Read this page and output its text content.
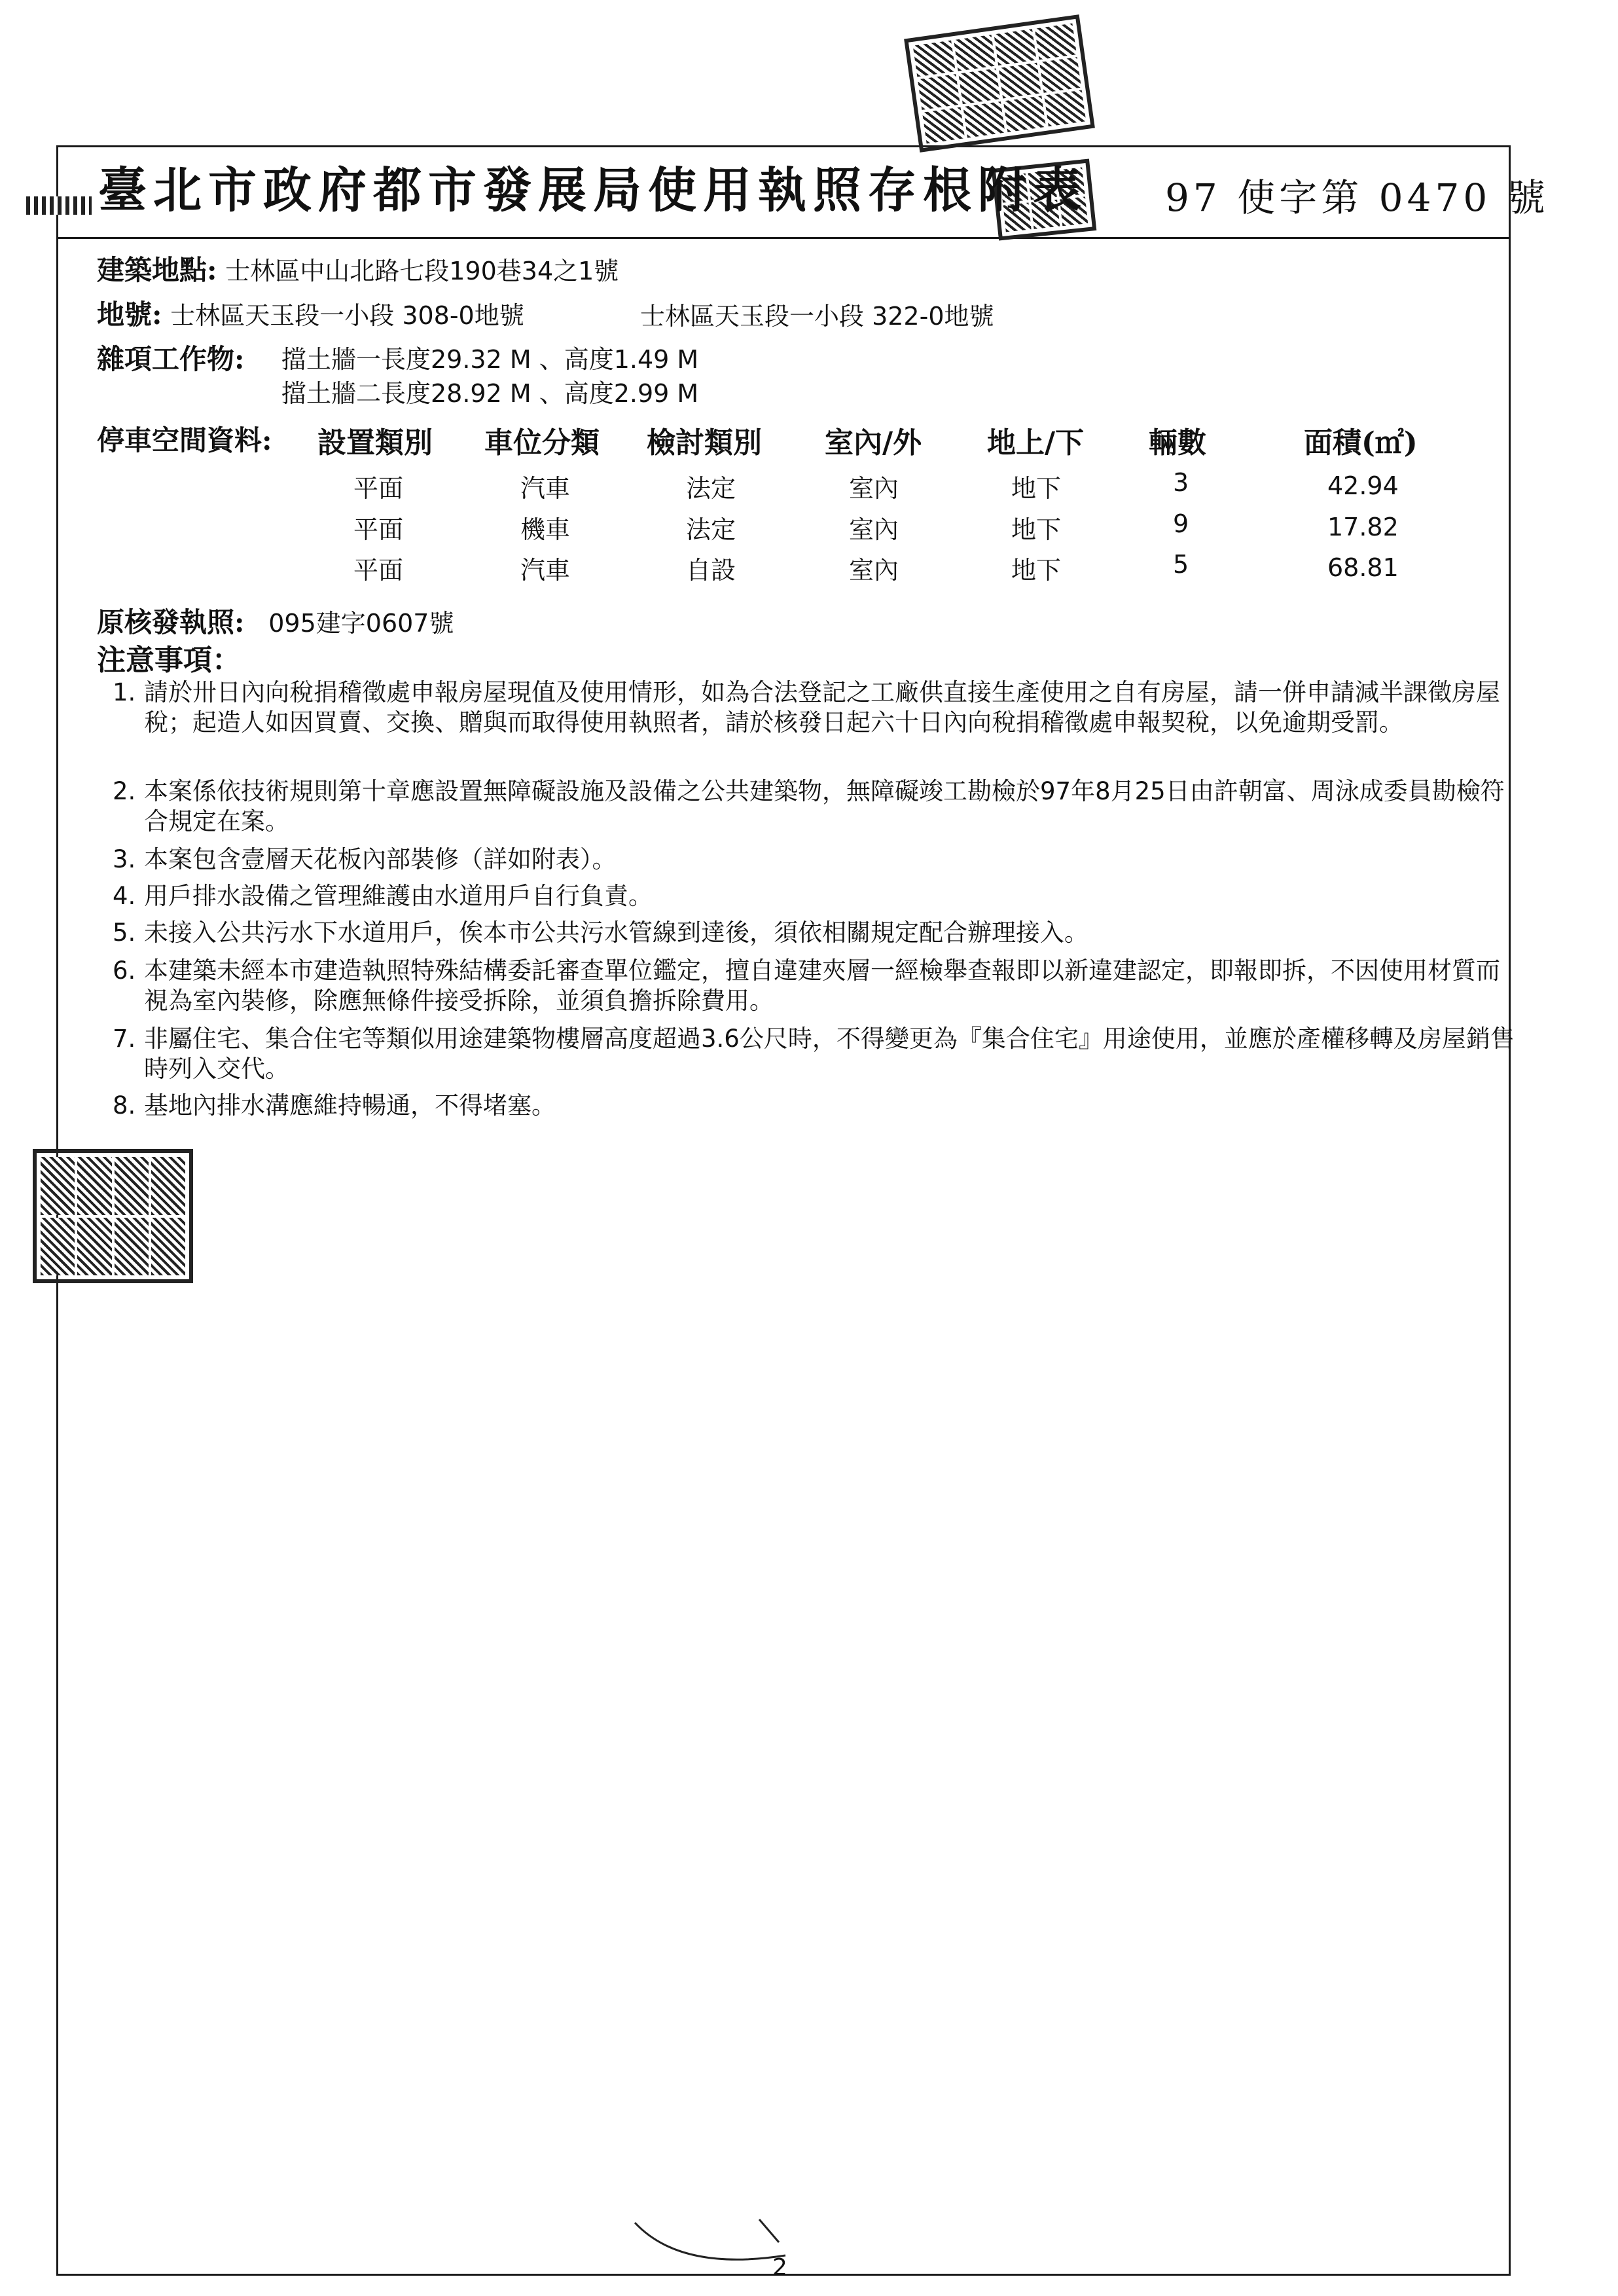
臺北市政府都市發展局使用執照存根附表 97 使字第 0470 號
建築地點: 士林區中山北路七段190巷34之1號
地號: 士林區天玉段一小段 308-0地號	士林區天玉段一小段 322-0地號
雜項工作物: 擋土牆一長度29.32 M 、高度1.49 M
擋土牆二長度28.92 M 、高度2.99 M
停車空間資料: 設置類別 車位分類 檢討類別 室內/外 地上/下 輛數	面積(㎡)
平面	汽車	法定	室內	地下	3	42.94
平面	機車	法定	室內	地下	9	17.82
平面	汽車	自設	室內	地下	5	68.81
原核發執照: 095建字0607號
注意事項：
1. 請於卅日內向稅捐稽徵處申報房屋現值及使用情形，如為合法登記之工廠供直接生產使用之自有房屋，請一併申請減半課徵房屋稅；起造人如因買賣、交換、贈與而取得使用執照者，請於核發日起六十日內向稅捐稽徵處申報契稅，以免逾期受罰。
2. 本案係依技術規則第十章應設置無障礙設施及設備之公共建築物，無障礙竣工勘檢於97年8月25日由許朝富、周泳成委員勘檢符合規定在案。
3. 本案包含壹層天花板內部裝修（詳如附表）。
4. 用戶排水設備之管理維護由水道用戶自行負責。
5. 未接入公共污水下水道用戶，俟本市公共污水管線到達後，須依相關規定配合辦理接入。
6. 本建築未經本市建造執照特殊結構委託審查單位鑑定，擅自違建夾層一經檢舉查報即以新違建認定，即報即拆，不因使用材質而視為室內裝修，除應無條件接受拆除，並須負擔拆除費用。
7. 非屬住宅、集合住宅等類似用途建築物樓層高度超過3.6公尺時，不得變更為『集合住宅』用途使用，並應於產權移轉及房屋銷售時列入交代。
8. 基地內排水溝應維持暢通，不得堵塞。
2
